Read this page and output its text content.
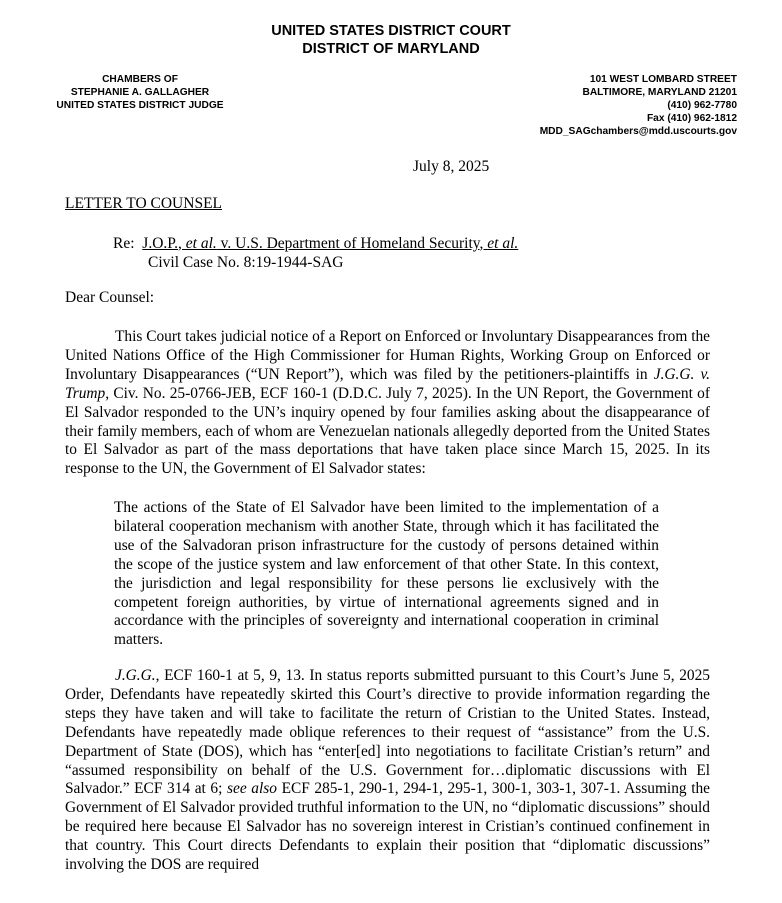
UNITED STATES DISTRICT COURT
DISTRICT OF MARYLAND
CHAMBERS OF
STEPHANIE A. GALLAGHER
UNITED STATES DISTRICT JUDGE
101 WEST LOMBARD STREET
BALTIMORE, MARYLAND 21201
(410) 962-7780
Fax (410) 962-1812
MDD_SAGchambers@mdd.uscourts.gov
July 8, 2025
LETTER TO COUNSEL
Re: J.O.P., et al. v. U.S. Department of Homeland Security, et al.
Civil Case No. 8:19-1944-SAG
Dear Counsel:

This Court takes judicial notice of a Report on Enforced or Involuntary Disappearances from the United Nations Office of the High Commissioner for Human Rights, Working Group on Enforced or Involuntary Disappearances (“UN Report”), which was filed by the petitioners-plaintiffs in J.G.G. v. Trump, Civ. No. 25-0766-JEB, ECF 160-1 (D.D.C. July 7, 2025). In the UN Report, the Government of El Salvador responded to the UN’s inquiry opened by four families asking about the disappearance of their family members, each of whom are Venezuelan nationals allegedly deported from the United States to El Salvador as part of the mass deportations that have taken place since March 15, 2025. In its response to the UN, the Government of El Salvador states:

The actions of the State of El Salvador have been limited to the implementation of a bilateral cooperation mechanism with another State, through which it has facilitated the use of the Salvadoran prison infrastructure for the custody of persons detained within the scope of the justice system and law enforcement of that other State. In this context, the jurisdiction and legal responsibility for these persons lie exclusively with the competent foreign authorities, by virtue of international agreements signed and in accordance with the principles of sovereignty and international cooperation in criminal matters.

J.G.G., ECF 160-1 at 5, 9, 13. In status reports submitted pursuant to this Court’s June 5, 2025 Order, Defendants have repeatedly skirted this Court’s directive to provide information regarding the steps they have taken and will take to facilitate the return of Cristian to the United States. Instead, Defendants have repeatedly made oblique references to their request of “assistance” from the U.S. Department of State (DOS), which has “enter[ed] into negotiations to facilitate Cristian’s return” and “assumed responsibility on behalf of the U.S. Government for…diplomatic discussions with El Salvador.” ECF 314 at 6; see also ECF 285-1, 290-1, 294-1, 295-1, 300-1, 303-1, 307-1. Assuming the Government of El Salvador provided truthful information to the UN, no “diplomatic discussions” should be required here because El Salvador has no sovereign interest in Cristian’s continued confinement in that country. This Court directs Defendants to explain their position that “diplomatic discussions” involving the DOS are required
